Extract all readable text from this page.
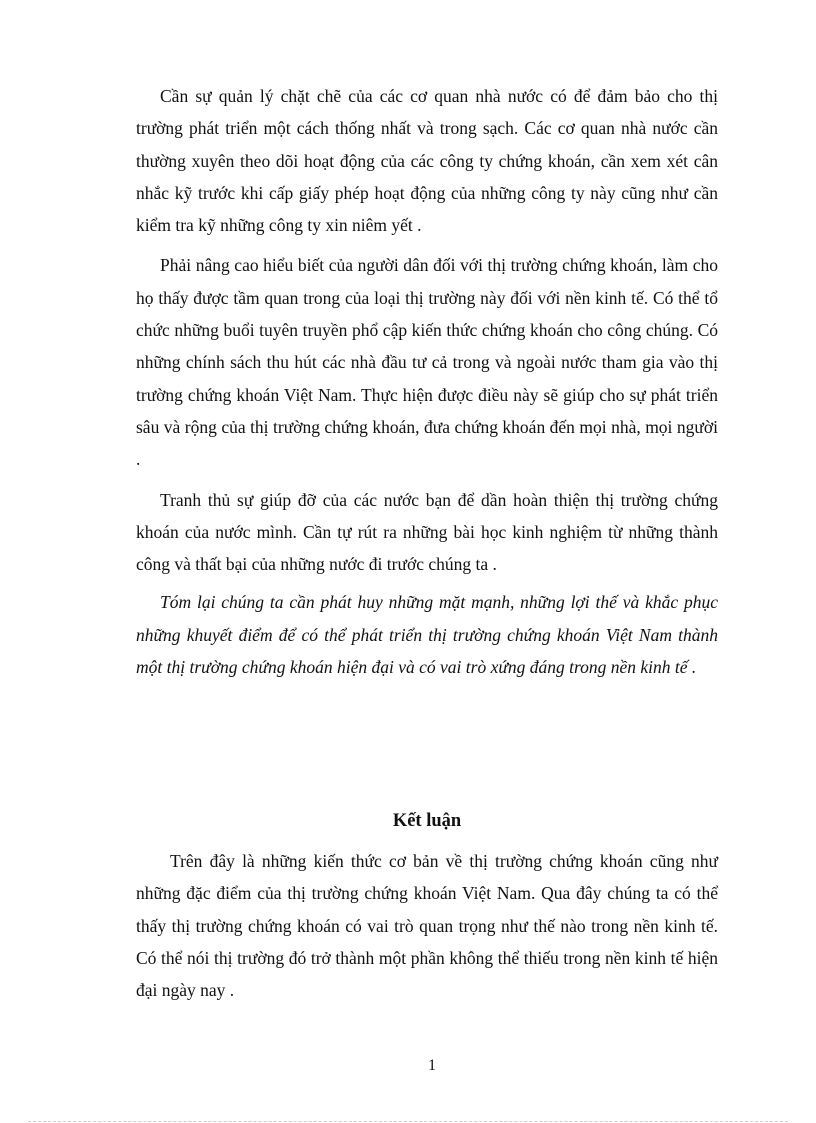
Cần sự quản lý chặt chẽ của các cơ quan nhà nước có để đảm bảo cho thị trường phát triển một cách thống nhất và trong sạch. Các cơ quan nhà nước cần thường xuyên theo dõi hoạt động của các công ty chứng khoán, cần xem xét cân nhắc kỹ trước khi cấp giấy phép hoạt động của những công ty này cũng như cần kiểm tra kỹ những công ty xin niêm yết .

Phải nâng cao hiểu biết của người dân đối với thị trường chứng khoán, làm cho họ thấy được tầm quan trong của loại thị trường này đối với nền kinh tế. Có thể tổ chức những buổi tuyên truyền phổ cập kiến thức chứng khoán cho công chúng. Có những chính sách thu hút các nhà đầu tư cả trong và ngoài nước tham gia vào thị trường chứng khoán Việt Nam. Thực hiện được điều này sẽ giúp cho sự phát triển sâu và rộng của thị trường chứng khoán, đưa chứng khoán đến mọi nhà, mọi người .

Tranh thủ sự giúp đỡ của các nước bạn để dần hoàn thiện thị trường chứng khoán của nước mình. Cần tự rút ra những bài học kinh nghiệm từ những thành công và thất bại của những nước đi trước chúng ta .

Tóm lại chúng ta cần phát huy những mặt mạnh, những lợi thế và khắc phục những khuyết điểm để có thể phát triển thị trường chứng khoán Việt Nam thành một thị trường chứng khoán hiện đại và có vai trò xứng đáng trong nền kinh tế .

Kết luận

Trên đây là những kiến thức cơ bản về thị trường chứng khoán cũng như những đặc điểm của thị trường chứng khoán Việt Nam. Qua đây chúng ta có thể thấy thị trường chứng khoán có vai trò quan trọng như thế nào trong nền kinh tế. Có thể nói thị trường đó trở thành một phần không thể thiếu trong nền kinh tế hiện đại ngày nay .

1
